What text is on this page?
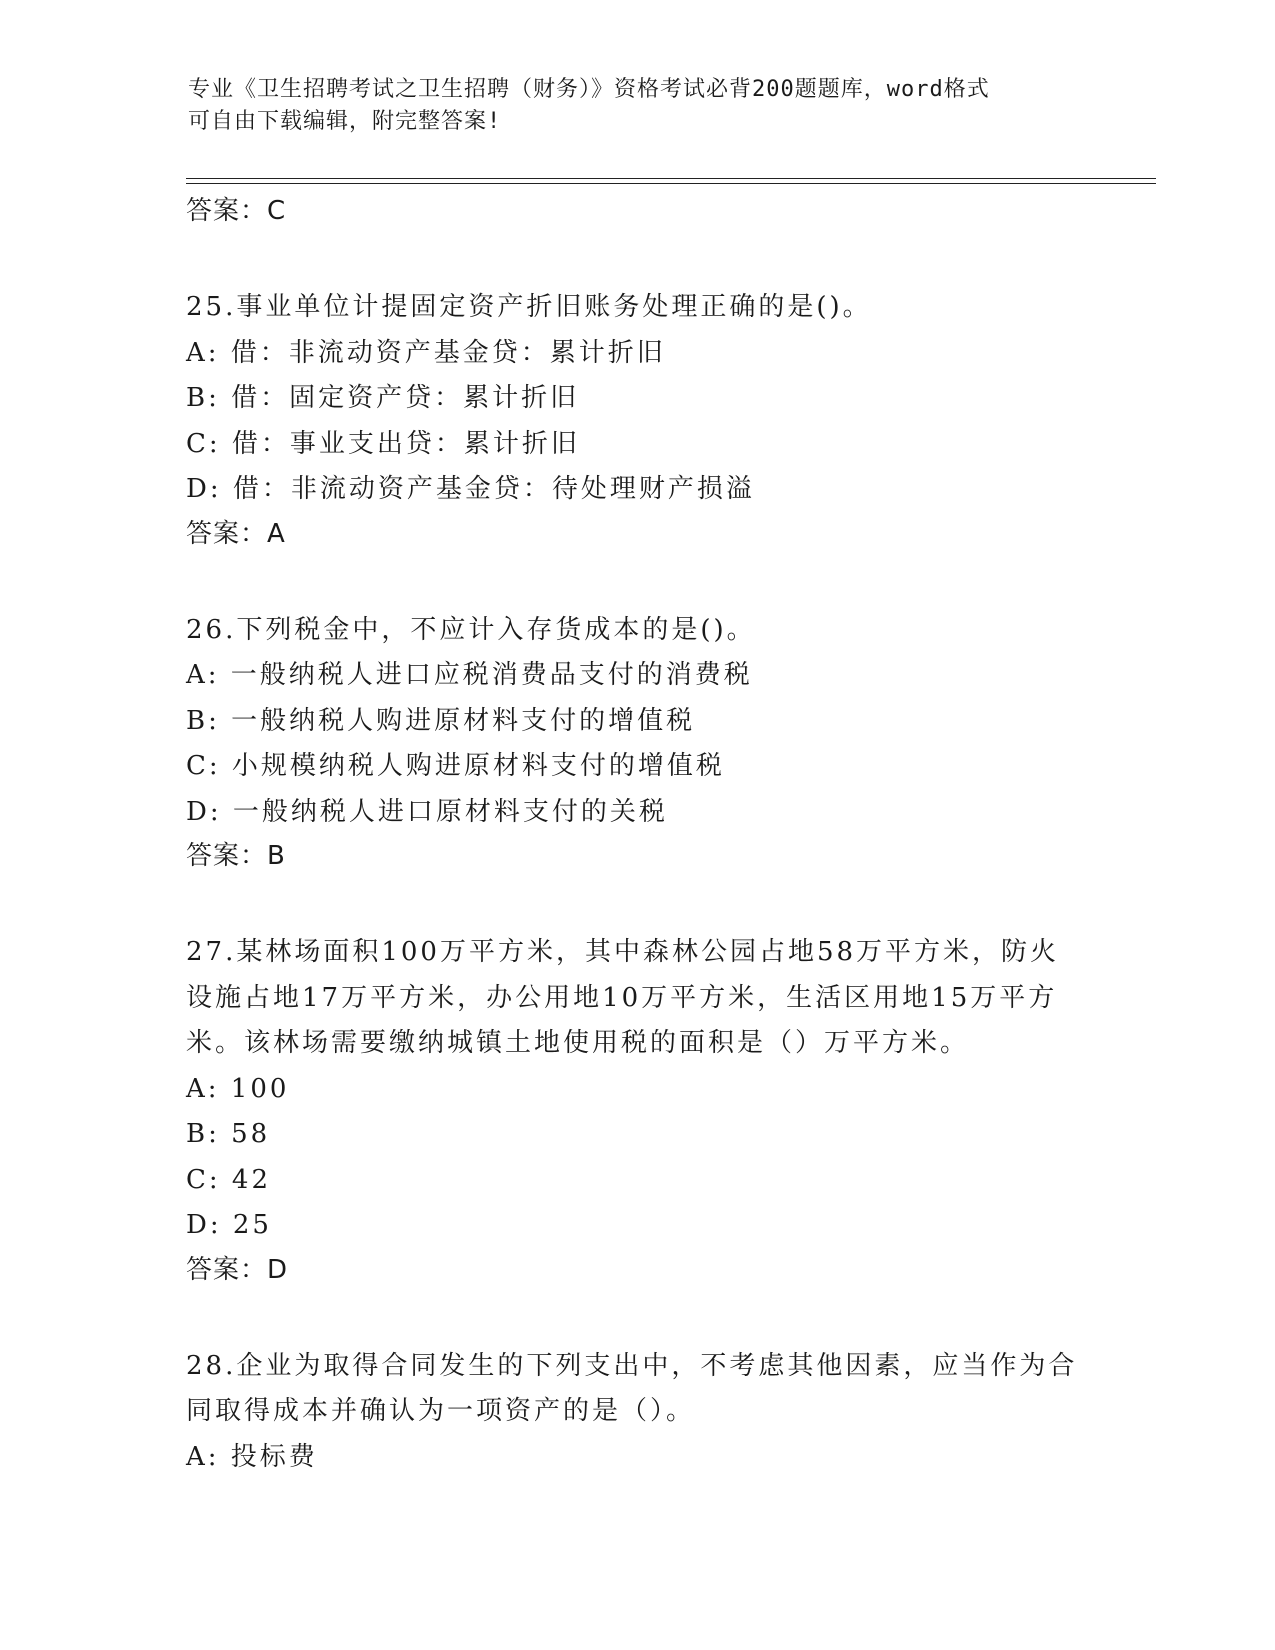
专业《卫生招聘考试之卫生招聘（财务）》资格考试必背200题题库，word格式
可自由下载编辑，附完整答案!

答案：C

25.事业单位计提固定资产折旧账务处理正确的是()。

A: 借：非流动资产基金贷：累计折旧

B: 借：固定资产贷：累计折旧

C: 借：事业支出贷：累计折旧

D: 借：非流动资产基金贷：待处理财产损溢

答案：A

26.下列税金中，不应计入存货成本的是()。

A: 一般纳税人进口应税消费品支付的消费税

B: 一般纳税人购进原材料支付的增值税

C: 小规模纳税人购进原材料支付的增值税

D: 一般纳税人进口原材料支付的关税

答案：B

27.某林场面积100万平方米，其中森林公园占地58万平方米，防火

设施占地17万平方米，办公用地10万平方米，生活区用地15万平方

米。该林场需要缴纳城镇土地使用税的面积是（）万平方米。

A: 100

B: 58

C: 42

D: 25

答案：D

28.企业为取得合同发生的下列支出中，不考虑其他因素，应当作为合

同取得成本并确认为一项资产的是（）。

A: 投标费
